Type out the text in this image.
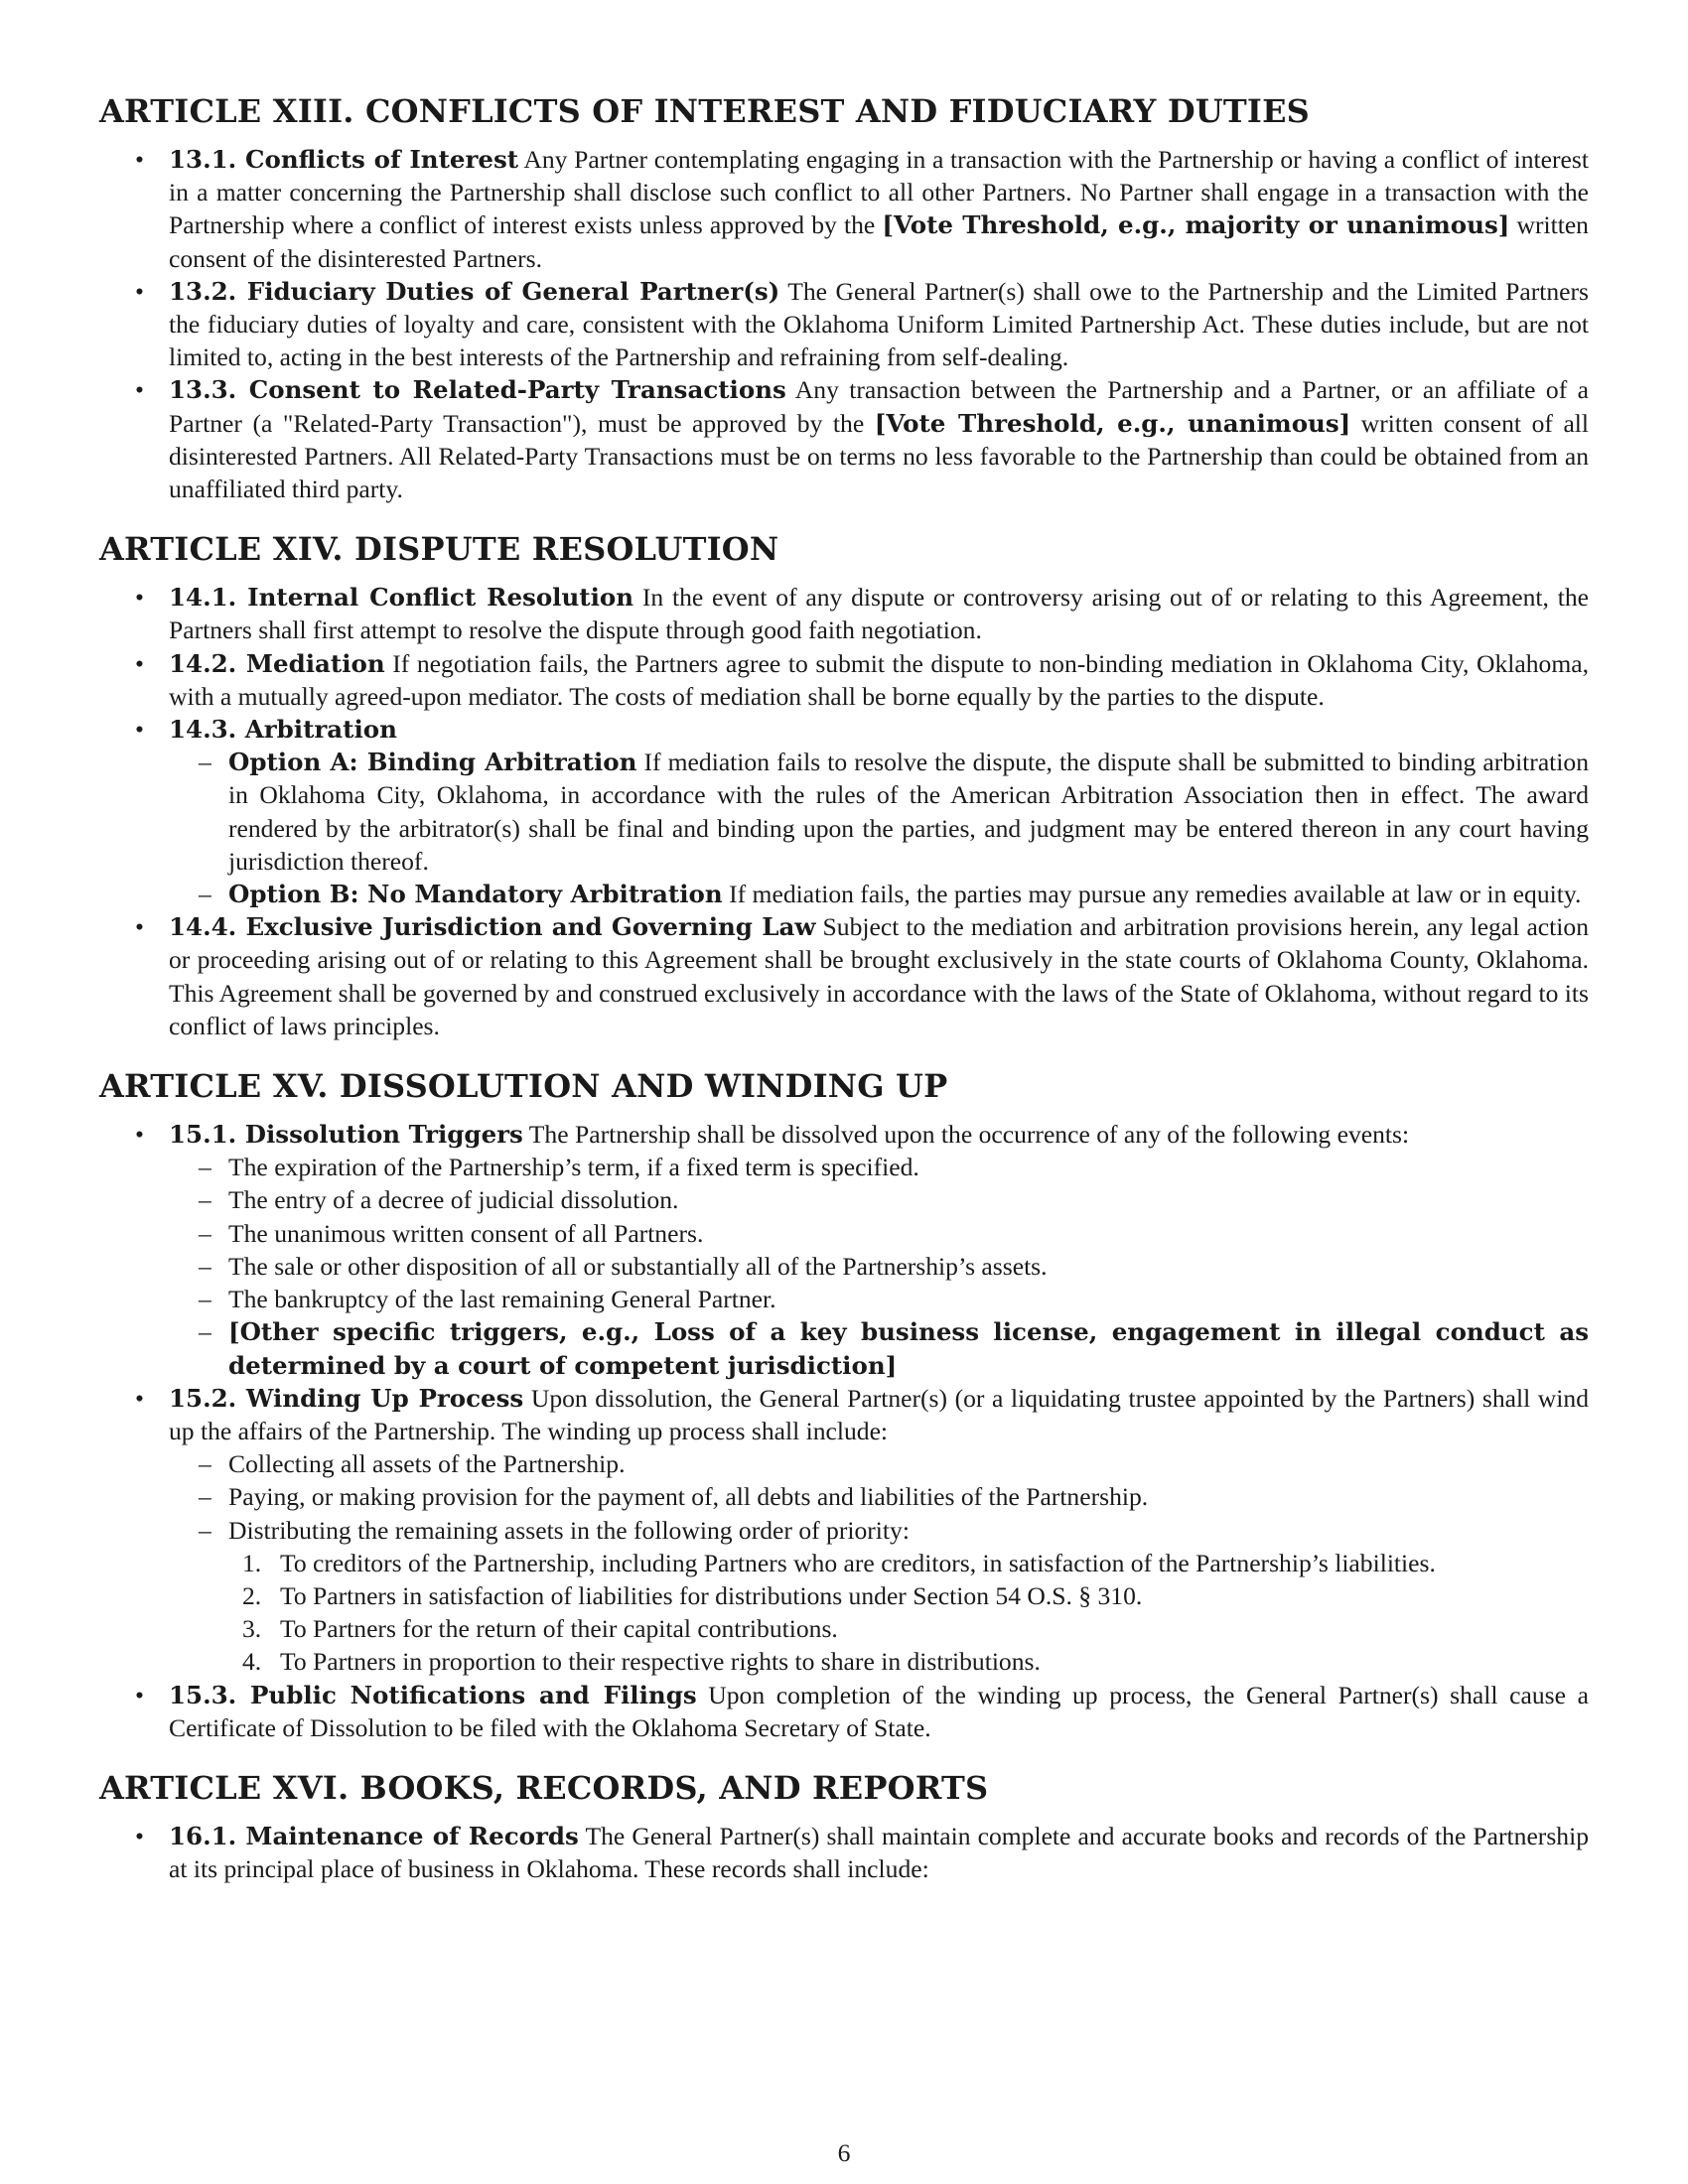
ARTICLE XIII. CONFLICTS OF INTEREST AND FIDUCIARY DUTIES
• 13.1. Conflicts of Interest Any Partner contemplating engaging in a transaction with the Partnership or having a conflict of interest in a matter concerning the Partnership shall disclose such conflict to all other Partners. No Partner shall engage in a transaction with the Partnership where a conflict of interest exists unless approved by the [Vote Threshold, e.g., majority or unanimous] written consent of the disinterested Partners.
• 13.2. Fiduciary Duties of General Partner(s) The General Partner(s) shall owe to the Partnership and the Limited Partners the fiduciary duties of loyalty and care, consistent with the Oklahoma Uniform Limited Partnership Act. These duties include, but are not limited to, acting in the best interests of the Partnership and refraining from self-dealing.
• 13.3. Consent to Related-Party Transactions Any transaction between the Partnership and a Partner, or an affiliate of a Partner (a "Related-Party Transaction"), must be approved by the [Vote Threshold, e.g., unanimous] written consent of all disinterested Partners. All Related-Party Transactions must be on terms no less favorable to the Partnership than could be obtained from an unaffiliated third party.
ARTICLE XIV. DISPUTE RESOLUTION
• 14.1. Internal Conflict Resolution In the event of any dispute or controversy arising out of or relating to this Agreement, the Partners shall first attempt to resolve the dispute through good faith negotiation.
• 14.2. Mediation If negotiation fails, the Partners agree to submit the dispute to non-binding mediation in Oklahoma City, Oklahoma, with a mutually agreed-upon mediator. The costs of mediation shall be borne equally by the parties to the dispute.
• 14.3. Arbitration
– Option A: Binding Arbitration If mediation fails to resolve the dispute, the dispute shall be submitted to binding arbitration in Oklahoma City, Oklahoma, in accordance with the rules of the American Arbitration Association then in effect. The award rendered by the arbitrator(s) shall be final and binding upon the parties, and judgment may be entered thereon in any court having jurisdiction thereof.
– Option B: No Mandatory Arbitration If mediation fails, the parties may pursue any remedies available at law or in equity.
• 14.4. Exclusive Jurisdiction and Governing Law Subject to the mediation and arbitration provisions herein, any legal action or proceeding arising out of or relating to this Agreement shall be brought exclusively in the state courts of Oklahoma County, Oklahoma. This Agreement shall be governed by and construed exclusively in accordance with the laws of the State of Oklahoma, without regard to its conflict of laws principles.
ARTICLE XV. DISSOLUTION AND WINDING UP
• 15.1. Dissolution Triggers The Partnership shall be dissolved upon the occurrence of any of the following events:
– The expiration of the Partnership’s term, if a fixed term is specified.
– The entry of a decree of judicial dissolution.
– The unanimous written consent of all Partners.
– The sale or other disposition of all or substantially all of the Partnership’s assets.
– The bankruptcy of the last remaining General Partner.
– [Other specific triggers, e.g., Loss of a key business license, engagement in illegal conduct as determined by a court of competent jurisdiction]
• 15.2. Winding Up Process Upon dissolution, the General Partner(s) (or a liquidating trustee appointed by the Partners) shall wind up the affairs of the Partnership. The winding up process shall include:
– Collecting all assets of the Partnership.
– Paying, or making provision for the payment of, all debts and liabilities of the Partnership.
– Distributing the remaining assets in the following order of priority:
1. To creditors of the Partnership, including Partners who are creditors, in satisfaction of the Partnership’s liabilities.
2. To Partners in satisfaction of liabilities for distributions under Section 54 O.S. § 310.
3. To Partners for the return of their capital contributions.
4. To Partners in proportion to their respective rights to share in distributions.
• 15.3. Public Notifications and Filings Upon completion of the winding up process, the General Partner(s) shall cause a Certificate of Dissolution to be filed with the Oklahoma Secretary of State.
ARTICLE XVI. BOOKS, RECORDS, AND REPORTS
• 16.1. Maintenance of Records The General Partner(s) shall maintain complete and accurate books and records of the Partnership at its principal place of business in Oklahoma. These records shall include:
6
